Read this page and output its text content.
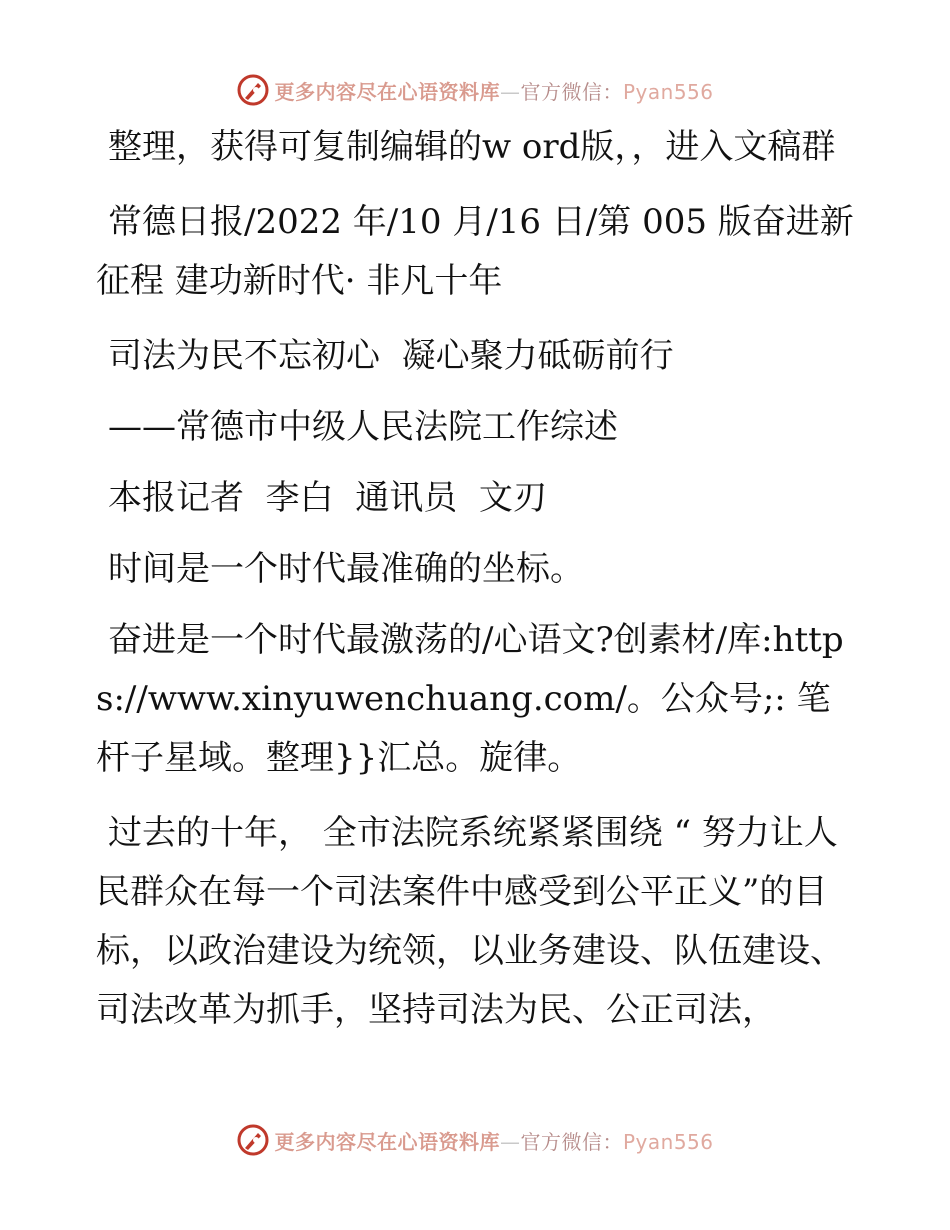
更多内容尽在心语资料库—官方微信：Pyan556

整理，获得可复制编辑的w ord版，，进入文稿群

常德日报/2022 年/10 月/16 日/第 005 版奋进新征程 建功新时代· 非凡十年

司法为民不忘初心  凝心聚力砥砺前行

——常德市中级人民法院工作综述

本报记者  李白  通讯员  文刃

时间是一个时代最准确的坐标。

奋进是一个时代最激荡的/心语文?创素材/库:https://www.xinyuwenchuang.com/。公众号;: 笔杆子星域。整理}}汇总。旋律。

过去的十年， 全市法院系统紧紧围绕 “ 努力让人民群众在每一个司法案件中感受到公平正义”的目标，以政治建设为统领，以业务建设、队伍建设、司法改革为抓手，坚持司法为民、公正司法，

更多内容尽在心语资料库—官方微信：Pyan556
